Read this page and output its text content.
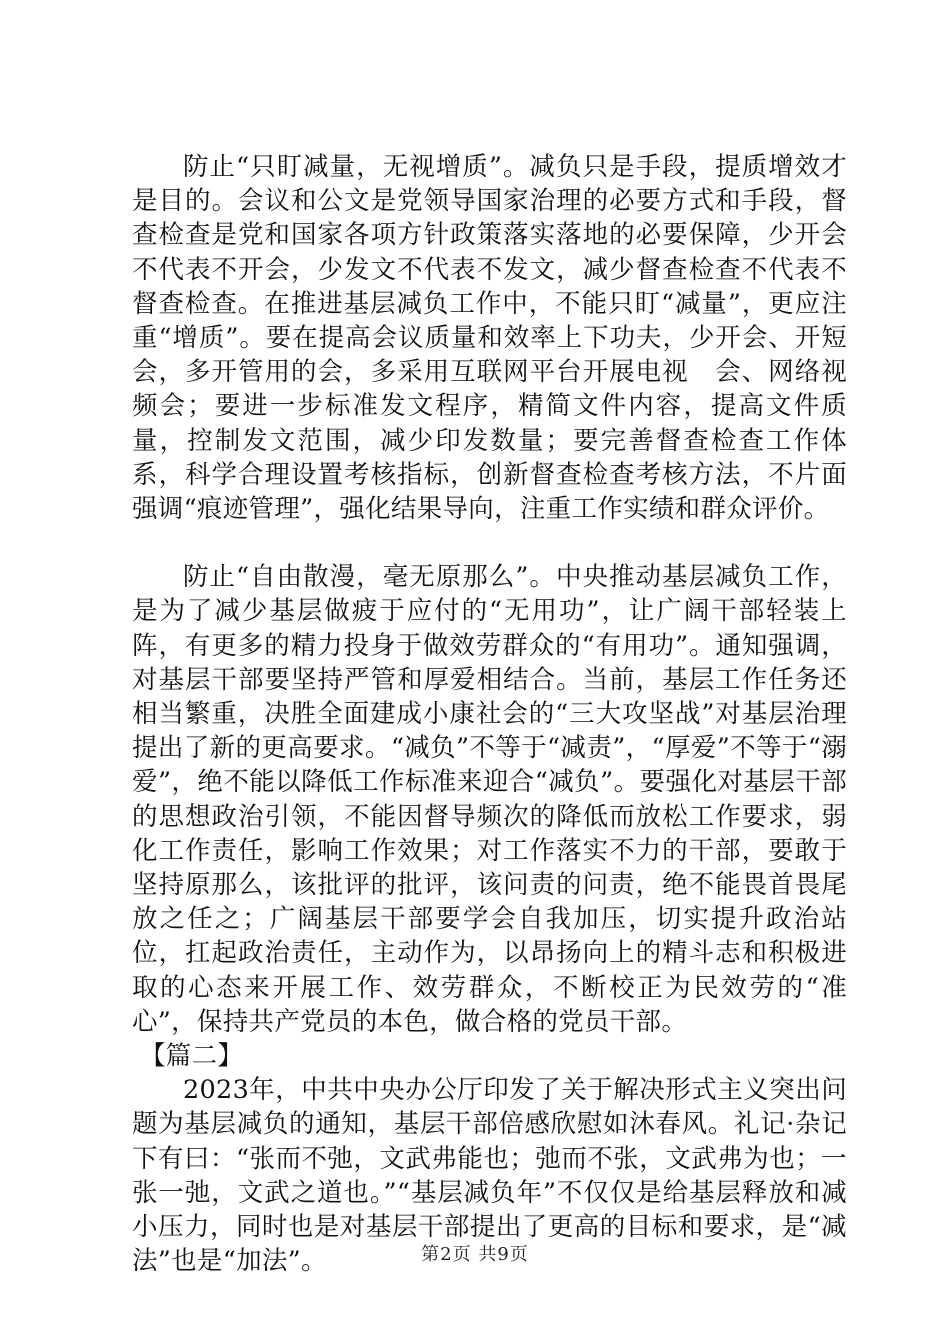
防止“只盯减量，无视增质”。减负只是手段，提质增效才是目的。会议和公文是党领导国家治理的必要方式和手段，督查检查是党和国家各项方针政策落实落地的必要保障，少开会不代表不开会，少发文不代表不发文，减少督查检查不代表不督查检查。在推进基层减负工作中，不能只盯“减量”，更应注重“增质”。要在提高会议质量和效率上下功夫，少开会、开短会，多开管用的会，多采用互联网平台开展电视　会、网络视频会；要进一步标准发文程序，精简文件内容，提高文件质量，控制发文范围，减少印发数量；要完善督查检查工作体系，科学合理设置考核指标，创新督查检查考核方法，不片面强调“痕迹管理”，强化结果导向，注重工作实绩和群众评价。

防止“自由散漫，毫无原那么”。中央推动基层减负工作，是为了减少基层做疲于应付的“无用功”，让广阔干部轻装上阵，有更多的精力投身于做效劳群众的“有用功”。通知强调，对基层干部要坚持严管和厚爱相结合。当前，基层工作任务还相当繁重，决胜全面建成小康社会的“三大攻坚战”对基层治理提出了新的更高要求。“减负”不等于“减责”，“厚爱”不等于“溺爱”，绝不能以降低工作标准来迎合“减负”。要强化对基层干部的思想政治引领，不能因督导频次的降低而放松工作要求，弱化工作责任，影响工作效果；对工作落实不力的干部，要敢于坚持原那么，该批评的批评，该问责的问责，绝不能畏首畏尾放之任之；广阔基层干部要学会自我加压，切实提升政治站位，扛起政治责任，主动作为，以昂扬向上的精斗志和积极进取的心态来开展工作、效劳群众，不断校正为民效劳的“准心”，保持共产党员的本色，做合格的党员干部。

【篇二】

2023年，中共中央办公厅印发了关于解决形式主义突出问题为基层减负的通知，基层干部倍感欣慰如沐春风。礼记·杂记下有曰：“张而不弛，文武弗能也；弛而不张，文武弗为也；一张一弛，文武之道也。”“基层减负年”不仅仅是给基层释放和减小压力，同时也是对基层干部提出了更高的目标和要求，是“减法”也是“加法”。	第2页 共9页
